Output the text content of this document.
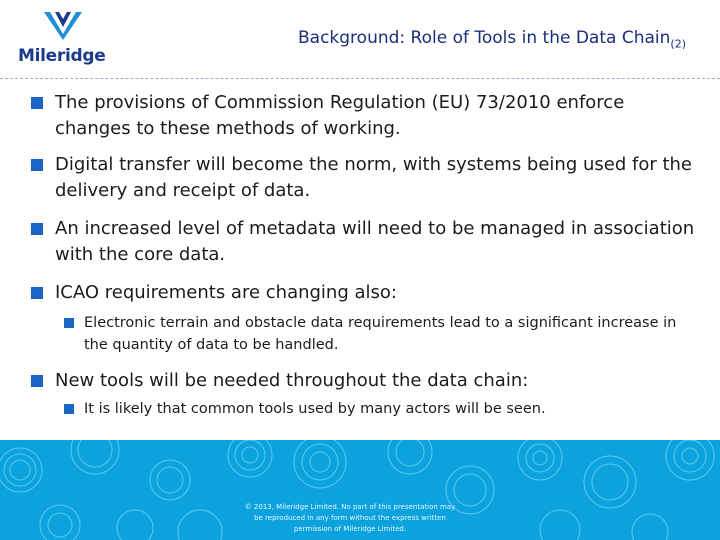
Mileridge
Background: Role of Tools in the Data Chain$_{(2)}$
The provisions of Commission Regulation (EU) 73/2010 enforce changes to these methods of working.
Digital transfer will become the norm, with systems being used for the delivery and receipt of data.
An increased level of metadata will need to be managed in association with the core data.
ICAO requirements are changing also:
Electronic terrain and obstacle data requirements lead to a significant increase in the quantity of data to be handled.
New tools will be needed throughout the data chain:
It is likely that common tools used by many actors will be seen.
© 2013, Mileridge Limited. No part of this presentation may be reproduced in any form without the express written permission of Mileridge Limited.
